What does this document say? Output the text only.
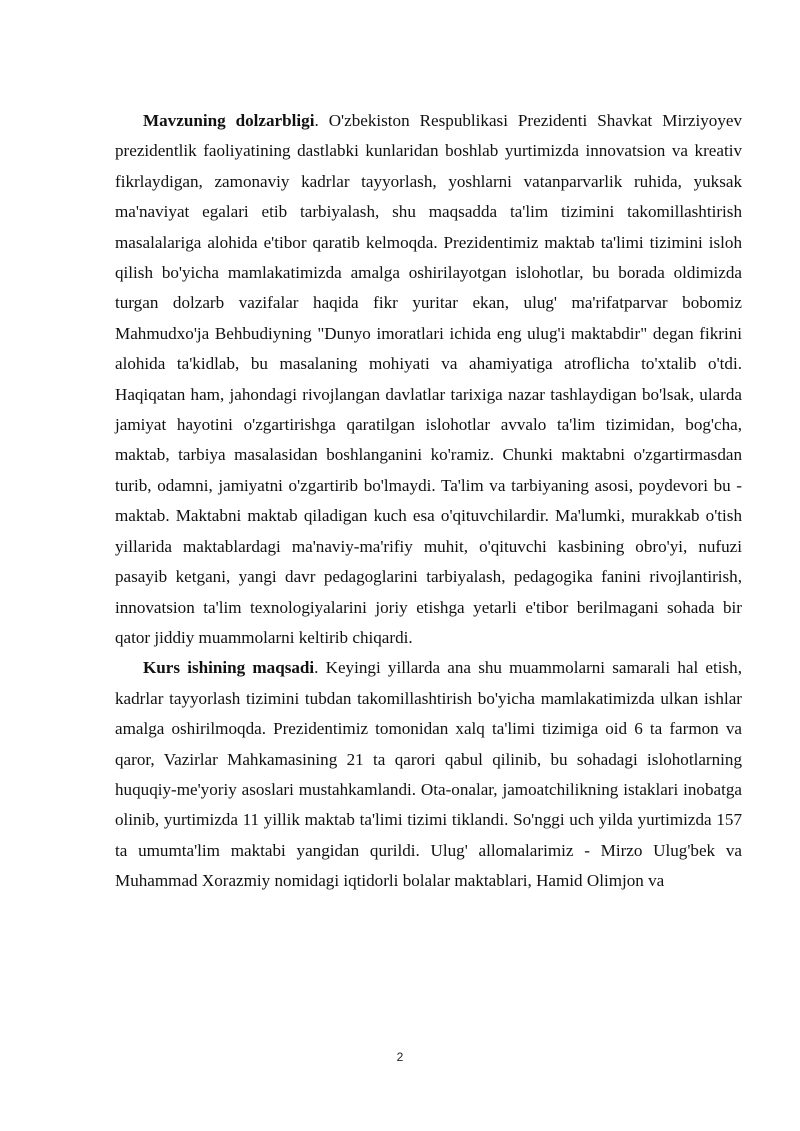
Mavzuning dolzarbligi. O'zbekiston Respublikasi Prezidenti Shavkat Mirziyoyev prezidentlik faoliyatining dastlabki kunlaridan boshlab yurtimizda innovatsion va kreativ fikrlaydigan, zamonaviy kadrlar tayyorlash, yoshlarni vatanparvarlik ruhida, yuksak ma'naviyat egalari etib tarbiyalash, shu maqsadda ta'lim tizimini takomillashtirish masalalariga alohida e'tibor qaratib kelmoqda. Prezidentimiz maktab ta'limi tizimini isloh qilish bo'yicha mamlakatimizda amalga oshirilayotgan islohotlar, bu borada oldimizda turgan dolzarb vazifalar haqida fikr yuritar ekan, ulug' ma'rifatparvar bobomiz Mahmudxo'ja Behbudiyning "Dunyo imoratlari ichida eng ulug'i maktabdir" degan fikrini alohida ta'kidlab, bu masalaning mohiyati va ahamiyatiga atroflicha to'xtalib o'tdi. Haqiqatan ham, jahondagi rivojlangan davlatlar tarixiga nazar tashlaydigan bo'lsak, ularda jamiyat hayotini o'zgartirishga qaratilgan islohotlar avvalo ta'lim tizimidan, bog'cha, maktab, tarbiya masalasidan boshlanganini ko'ramiz. Chunki maktabni o'zgartirmasdan turib, odamni, jamiyatni o'zgartirib bo'lmaydi. Ta'lim va tarbiyaning asosi, poydevori bu - maktab. Maktabni maktab qiladigan kuch esa o'qituvchilardir. Ma'lumki, murakkab o'tish yillarida maktablardagi ma'naviy-ma'rifiy muhit, o'qituvchi kasbining obro'yi, nufuzi pasayib ketgani, yangi davr pedagoglarini tarbiyalash, pedagogika fanini rivojlantirish, innovatsion ta'lim texnologiyalarini joriy etishga yetarli e'tibor berilmagani sohada bir qator jiddiy muammolarni keltirib chiqardi.

Kurs ishining maqsadi. Keyingi yillarda ana shu muammolarni samarali hal etish, kadrlar tayyorlash tizimini tubdan takomillashtirish bo'yicha mamlakatimizda ulkan ishlar amalga oshirilmoqda. Prezidentimiz tomonidan xalq ta'limi tizimiga oid 6 ta farmon va qaror, Vazirlar Mahkamasining 21 ta qarori qabul qilinib, bu sohadagi islohotlarning huquqiy-me'yoriy asoslari mustahkamlandi. Ota-onalar, jamoatchilikning istaklari inobatga olinib, yurtimizda 11 yillik maktab ta'limi tizimi tiklandi. So'nggi uch yilda yurtimizda 157 ta umumta'lim maktabi yangidan qurildi. Ulug' allomalarimiz - Mirzo Ulug'bek va Muhammad Xorazmiy nomidagi iqtidorli bolalar maktablari, Hamid Olimjon va

2
